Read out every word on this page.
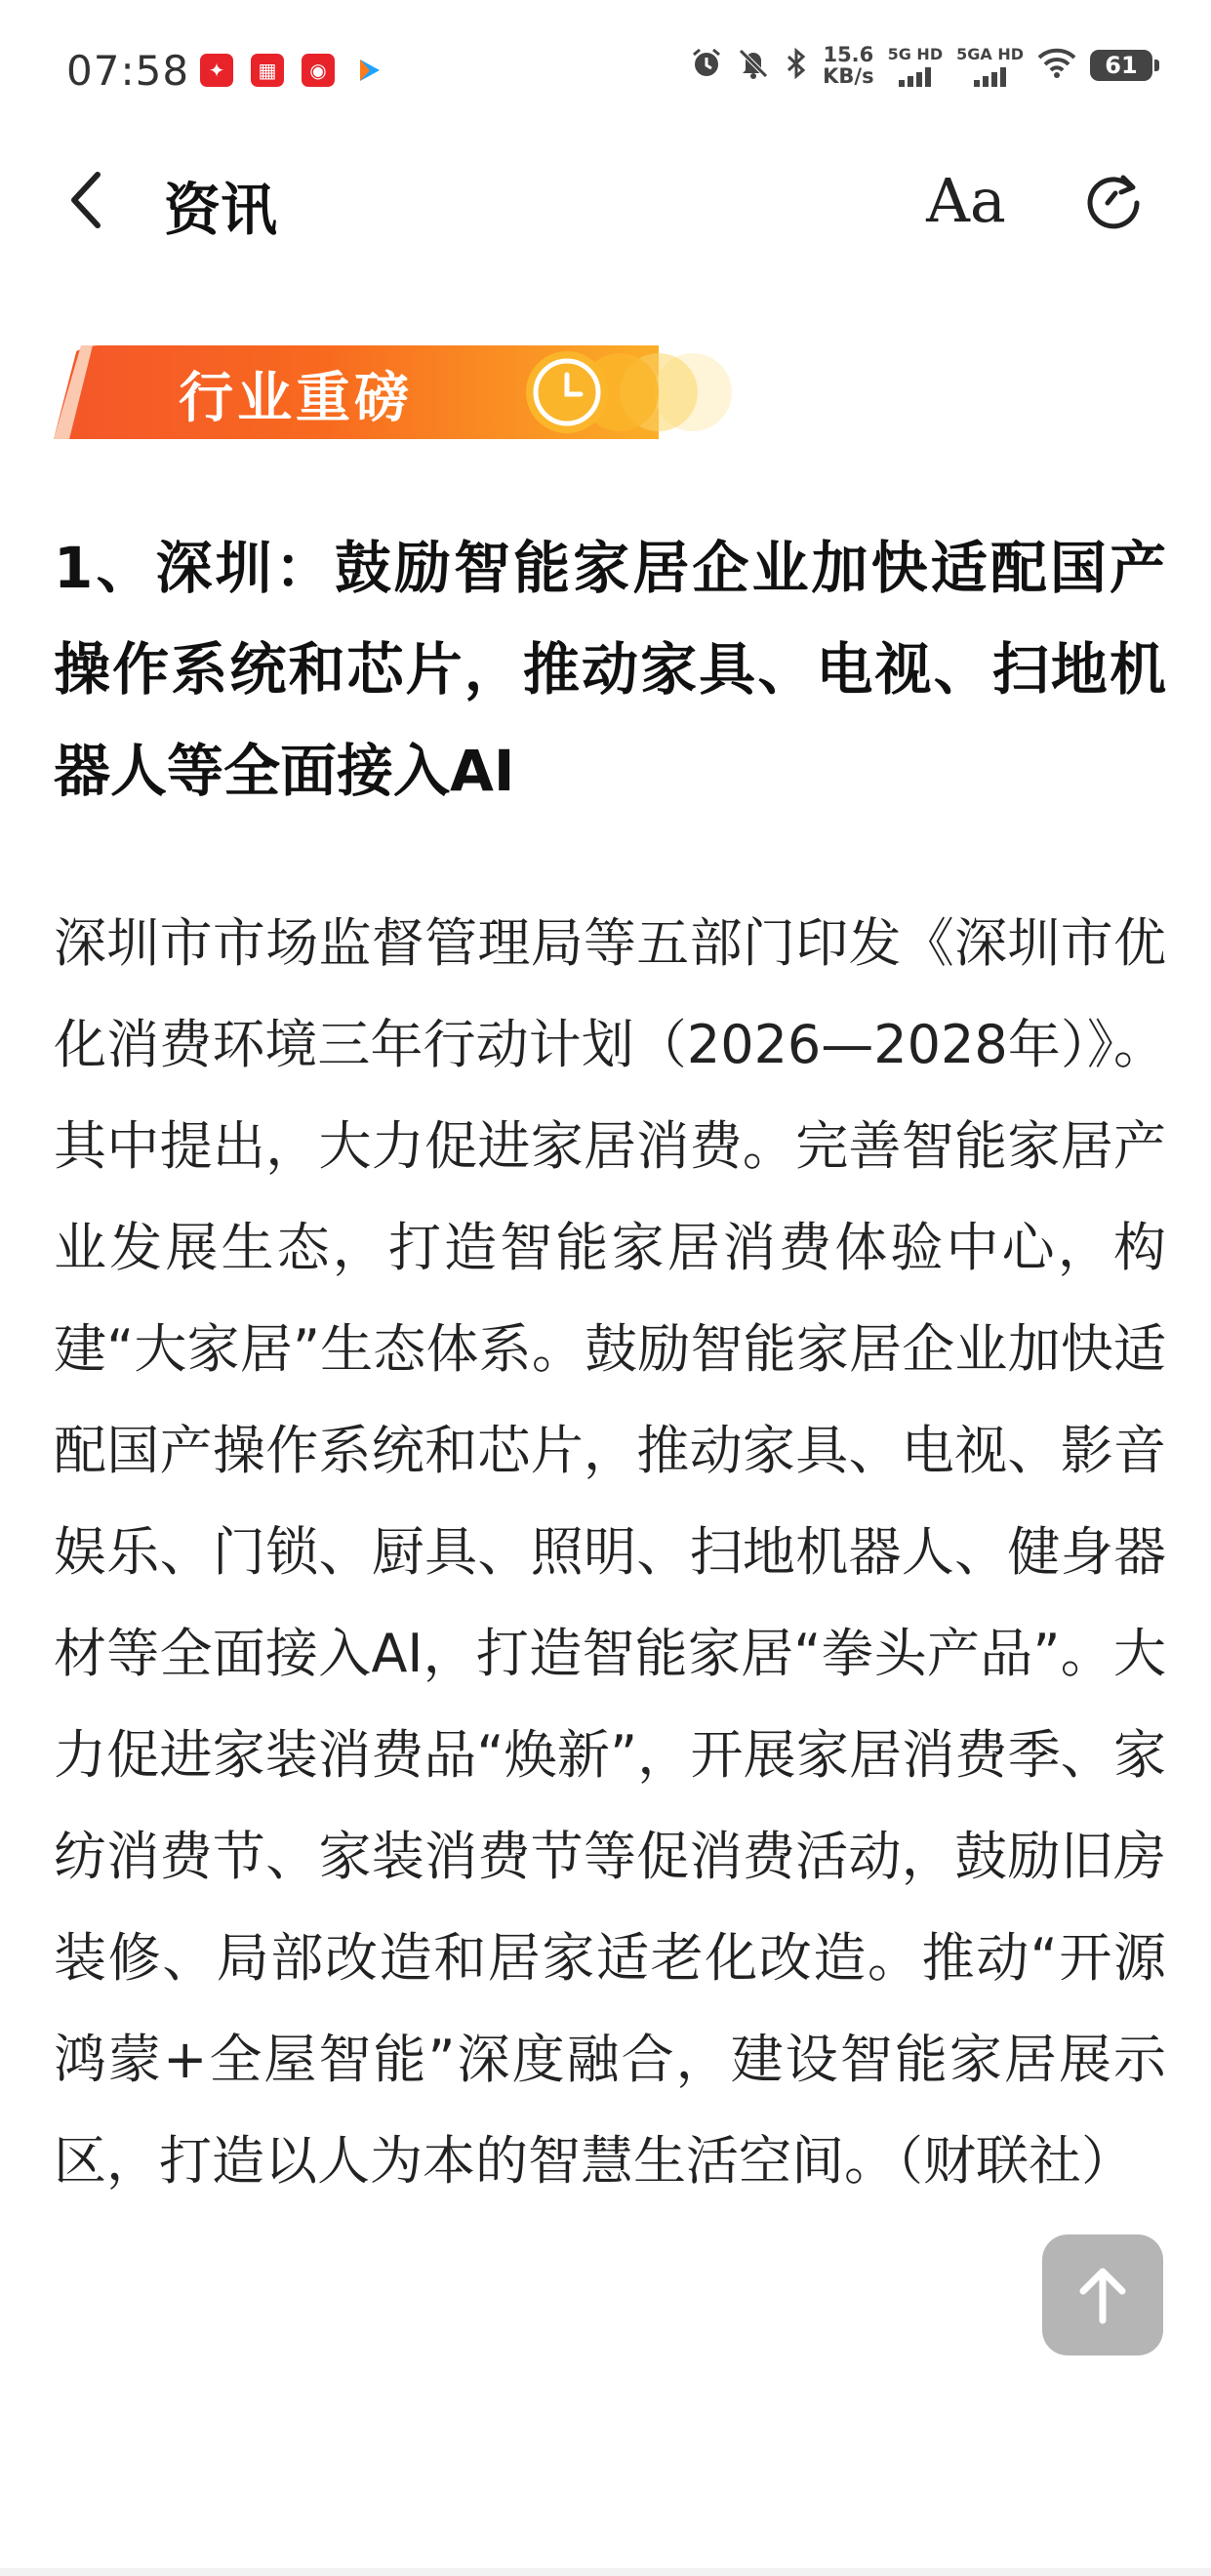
07:58 ✦	▦	◉
15.6
KB/s
5G HD 5GA HD	61
资讯	Aa
行业重磅
1、深圳：鼓励智能家居企业加快适配国产操作系统和芯片，推动家具、电视、扫地机器人等全面接入AI
深圳市市场监督管理局等五部门印发《深圳市优化消费环境三年行动计划（2026—2028年）》。其中提出，大力促进家居消费。完善智能家居产业发展生态，打造智能家居消费体验中心，构建“大家居”生态体系。鼓励智能家居企业加快适配国产操作系统和芯片，推动家具、电视、影音娱乐、门锁、厨具、照明、扫地机器人、健身器材等全面接入AI，打造智能家居“拳头产品”。大力促进家装消费品“焕新”，开展家居消费季、家纺消费节、家装消费节等促消费活动，鼓励旧房装修、局部改造和居家适老化改造。推动“开源鸿蒙+全屋智能”深度融合，建设智能家居展示区，打造以人为本的智慧生活空间。（财联社）
